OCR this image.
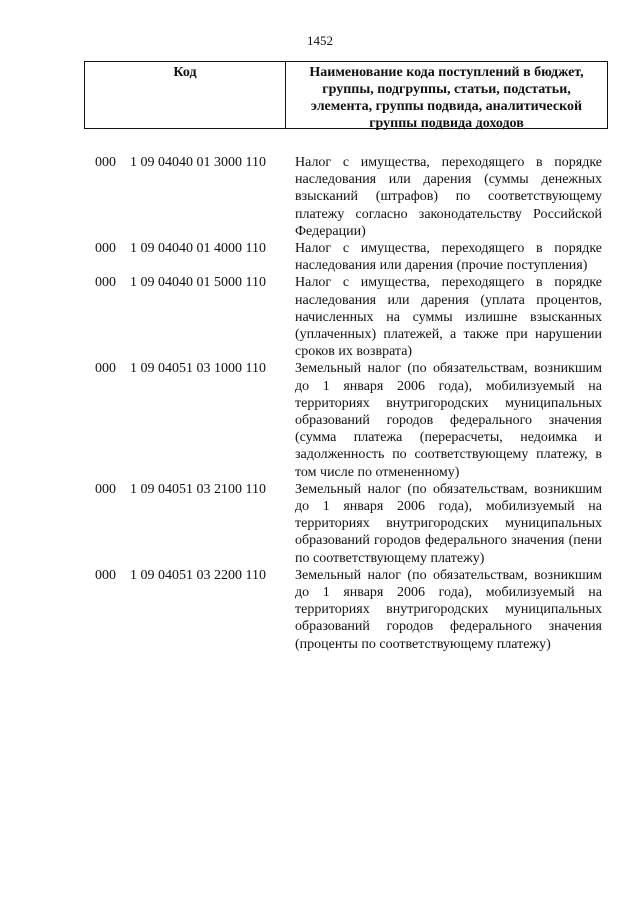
1452
Код	Наименование кода поступлений в бюджет, группы, подгруппы, статьи, подстатьи, элемента, группы подвида, аналитической группы подвида доходов
000 1 09 04040 01 3000 110 Налог с имущества, переходящего в порядке наследования или дарения (суммы денежных взысканий (штрафов) по соответствующему платежу согласно законодательству Российской Федерации)
000 1 09 04040 01 4000 110 Налог с имущества, переходящего в порядке наследования или дарения (прочие поступления)
000 1 09 04040 01 5000 110 Налог с имущества, переходящего в порядке наследования или дарения (уплата процентов, начисленных на суммы излишне взысканных (уплаченных) платежей, а также при нарушении сроков их возврата)
000 1 09 04051 03 1000 110 Земельный налог (по обязательствам, возникшим до 1 января 2006 года), мобилизуемый на территориях внутригородских муниципальных образований городов федерального значения (сумма платежа (перерасчеты, недоимка и задолженность по соответствующему платежу, в том числе по отмененному)
000 1 09 04051 03 2100 110 Земельный налог (по обязательствам, возникшим до 1 января 2006 года), мобилизуемый на территориях внутригородских муниципальных образований городов федерального значения (пени по соответствующему платежу)
000 1 09 04051 03 2200 110 Земельный налог (по обязательствам, возникшим до 1 января 2006 года), мобилизуемый на территориях внутригородских муниципальных образований городов федерального значения (проценты по соответствующему платежу)
